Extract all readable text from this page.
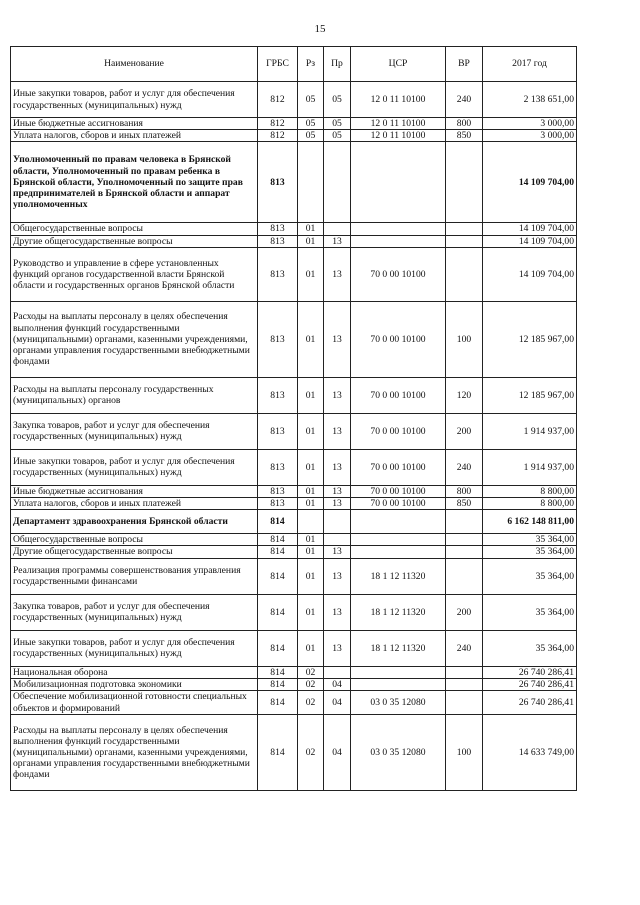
15
Наименование	ГРБС	Рз	Пр	ЦСР	ВР	2017 год
Иные закупки товаров, работ и услуг для обеспечения государственных (муниципальных) нужд	812	05	05	12 0 11 10100	240	2 138 651,00
Иные бюджетные ассигнования	812	05	05	12 0 11 10100	800	3 000,00
Уплата налогов, сборов и иных платежей	812	05	05	12 0 11 10100	850	3 000,00
Уполномоченный по правам человека в Брянской области, Уполномоченный по правам ребенка в Брянской области, Уполномоченный по защите прав предпринимателей в Брянской области и аппарат уполномоченных	813					14 109 704,00
Общегосударственные вопросы	813	01				14 109 704,00
Другие общегосударственные вопросы	813	01	13			14 109 704,00
Руководство и управление в сфере установленных функций органов государственной власти Брянской области и государственных органов Брянской области	813	01	13	70 0 00 10100		14 109 704,00
Расходы на выплаты персоналу в целях обеспечения выполнения функций государственными (муниципальными) органами, казенными учреждениями, органами управления государственными внебюджетными фондами	813	01	13	70 0 00 10100	100	12 185 967,00
Расходы на выплаты персоналу государственных (муниципальных) органов	813	01	13	70 0 00 10100	120	12 185 967,00
Закупка товаров, работ и услуг для обеспечения государственных (муниципальных) нужд	813	01	13	70 0 00 10100	200	1 914 937,00
Иные закупки товаров, работ и услуг для обеспечения государственных (муниципальных) нужд	813	01	13	70 0 00 10100	240	1 914 937,00
Иные бюджетные ассигнования	813	01	13	70 0 00 10100	800	8 800,00
Уплата налогов, сборов и иных платежей	813	01	13	70 0 00 10100	850	8 800,00
Департамент здравоохранения Брянской области	814					6 162 148 811,00
Общегосударственные вопросы	814	01				35 364,00
Другие общегосударственные вопросы	814	01	13			35 364,00
Реализация программы совершенствования управления государственными финансами	814	01	13	18 1 12 11320		35 364,00
Закупка товаров, работ и услуг для обеспечения государственных (муниципальных) нужд	814	01	13	18 1 12 11320	200	35 364,00
Иные закупки товаров, работ и услуг для обеспечения государственных (муниципальных) нужд	814	01	13	18 1 12 11320	240	35 364,00
Национальная оборона	814	02				26 740 286,41
Мобилизационная подготовка экономики	814	02	04			26 740 286,41
Обеспечение мобилизационной готовности специальных объектов и формирований	814	02	04	03 0 35 12080		26 740 286,41
Расходы на выплаты персоналу в целях обеспечения выполнения функций государственными (муниципальными) органами, казенными учреждениями, органами управления государственными внебюджетными фондами	814	02	04	03 0 35 12080	100	14 633 749,00
